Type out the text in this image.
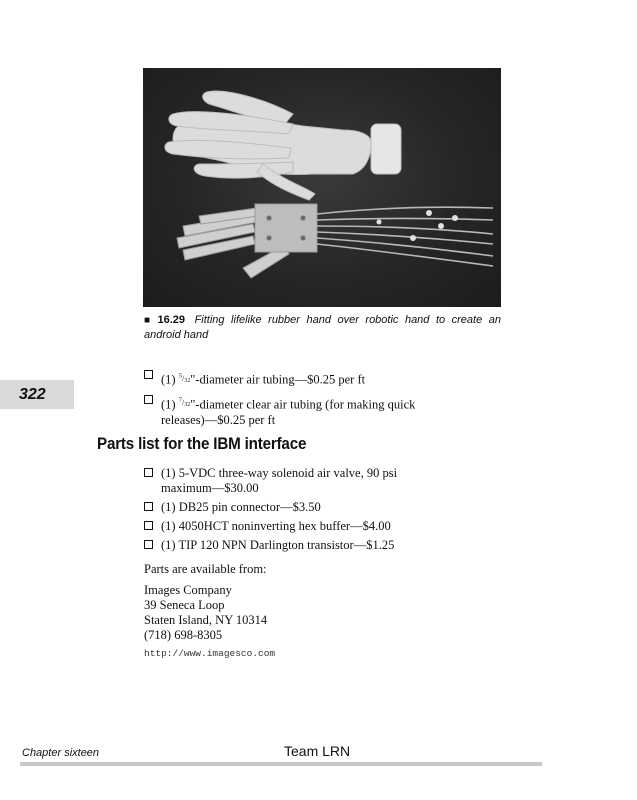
■ 16.29 Fitting lifelike rubber hand over robotic hand to create an android hand
322
(1) $^{^5/_{32}}$"-diameter air tubing—$0.25 per ft
(1) $^{^7/_{32}}$"-diameter clear air tubing (for making quick releases)—$0.25 per ft
Parts list for the IBM interface
(1) 5-VDC three-way solenoid air valve, 90 psi maximum—$30.00
(1) DB25 pin connector—$3.50
(1) 4050HCT noninverting hex buffer—$4.00
(1) TIP 120 NPN Darlington transistor—$1.25

Parts are available from:

Images Company
39 Seneca Loop
Staten Island, NY 10314
(718) 698-8305
http://www.imagesco.com
Chapter sixteen	Team LRN
